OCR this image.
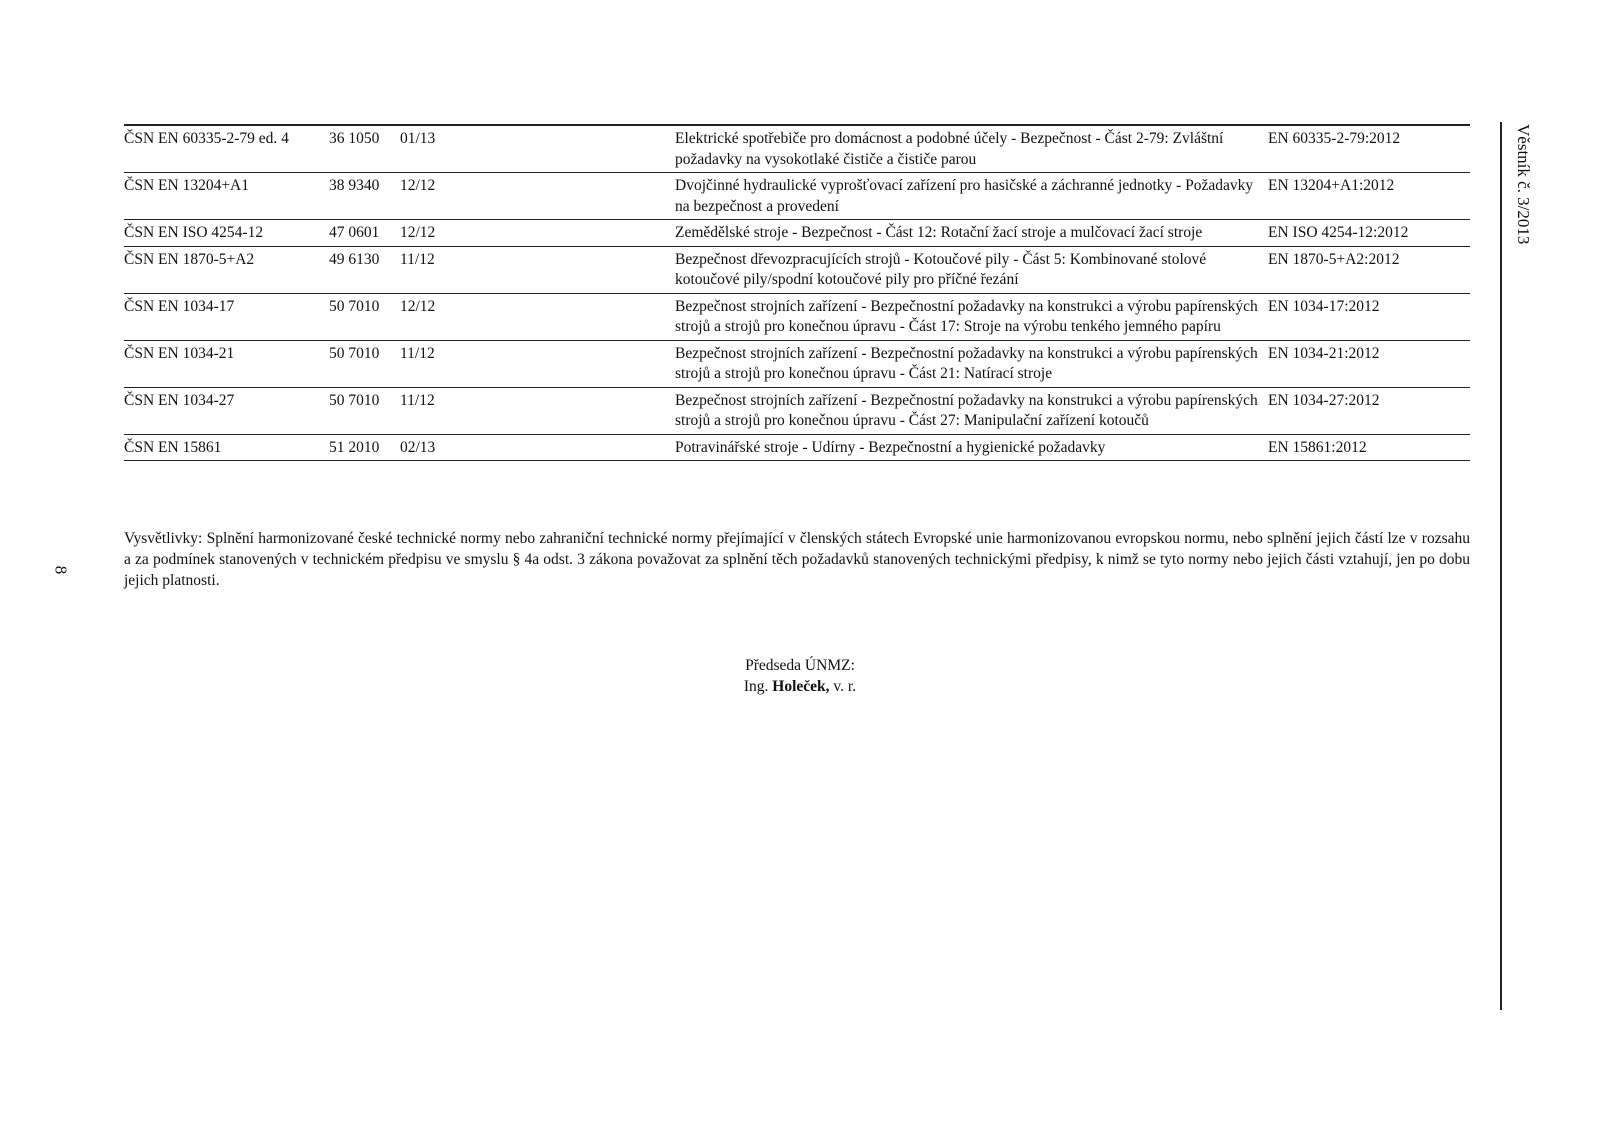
Věstník č. 3/2013
8
ČSN EN 60335-2-79 ed. 4	36 1050	01/13	Elektrické spotřebiče pro domácnost a podobné účely - Bezpečnost - Část 2-79: Zvláštní požadavky na vysokotlaké čističe a čističe parou	EN 60335-2-79:2012
ČSN EN 13204+A1	38 9340	12/12	Dvojčinné hydraulické vyprošťovací zařízení pro hasičské a záchranné jednotky - Požadavky na bezpečnost a provedení	EN 13204+A1:2012
ČSN EN ISO 4254-12	47 0601	12/12	Zemědělské stroje - Bezpečnost - Část 12: Rotační žací stroje a mulčovací žací stroje	EN ISO 4254-12:2012
ČSN EN 1870-5+A2	49 6130	11/12	Bezpečnost dřevozpracujících strojů - Kotoučové pily - Část 5: Kombinované stolové kotoučové pily/spodní kotoučové pily pro příčné řezání	EN 1870-5+A2:2012
ČSN EN 1034-17	50 7010	12/12	Bezpečnost strojních zařízení - Bezpečnostní požadavky na konstrukci a výrobu papírenských strojů a strojů pro konečnou úpravu - Část 17: Stroje na výrobu tenkého jemného papíru	EN 1034-17:2012
ČSN EN 1034-21	50 7010	11/12	Bezpečnost strojních zařízení - Bezpečnostní požadavky na konstrukci a výrobu papírenských strojů a strojů pro konečnou úpravu - Část 21: Natírací stroje	EN 1034-21:2012
ČSN EN 1034-27	50 7010	11/12	Bezpečnost strojních zařízení - Bezpečnostní požadavky na konstrukci a výrobu papírenských strojů a strojů pro konečnou úpravu - Část 27: Manipulační zařízení kotoučů	EN 1034-27:2012
ČSN EN 15861	51 2010	02/13	Potravinářské stroje - Udírny - Bezpečnostní a hygienické požadavky	EN 15861:2012

Vysvětlivky: Splnění harmonizované české technické normy nebo zahraniční technické normy přejímající v členských státech Evropské unie harmonizovanou evropskou normu, nebo splnění jejich částí lze v rozsahu a za podmínek stanovených v technickém předpisu ve smyslu § 4a odst. 3 zákona považovat za splnění těch požadavků stanovených technickými předpisy, k nimž se tyto normy nebo jejich části vztahují, jen po dobu jejich platnosti.

Předseda ÚNMZ:
Ing. Holeček, v. r.
